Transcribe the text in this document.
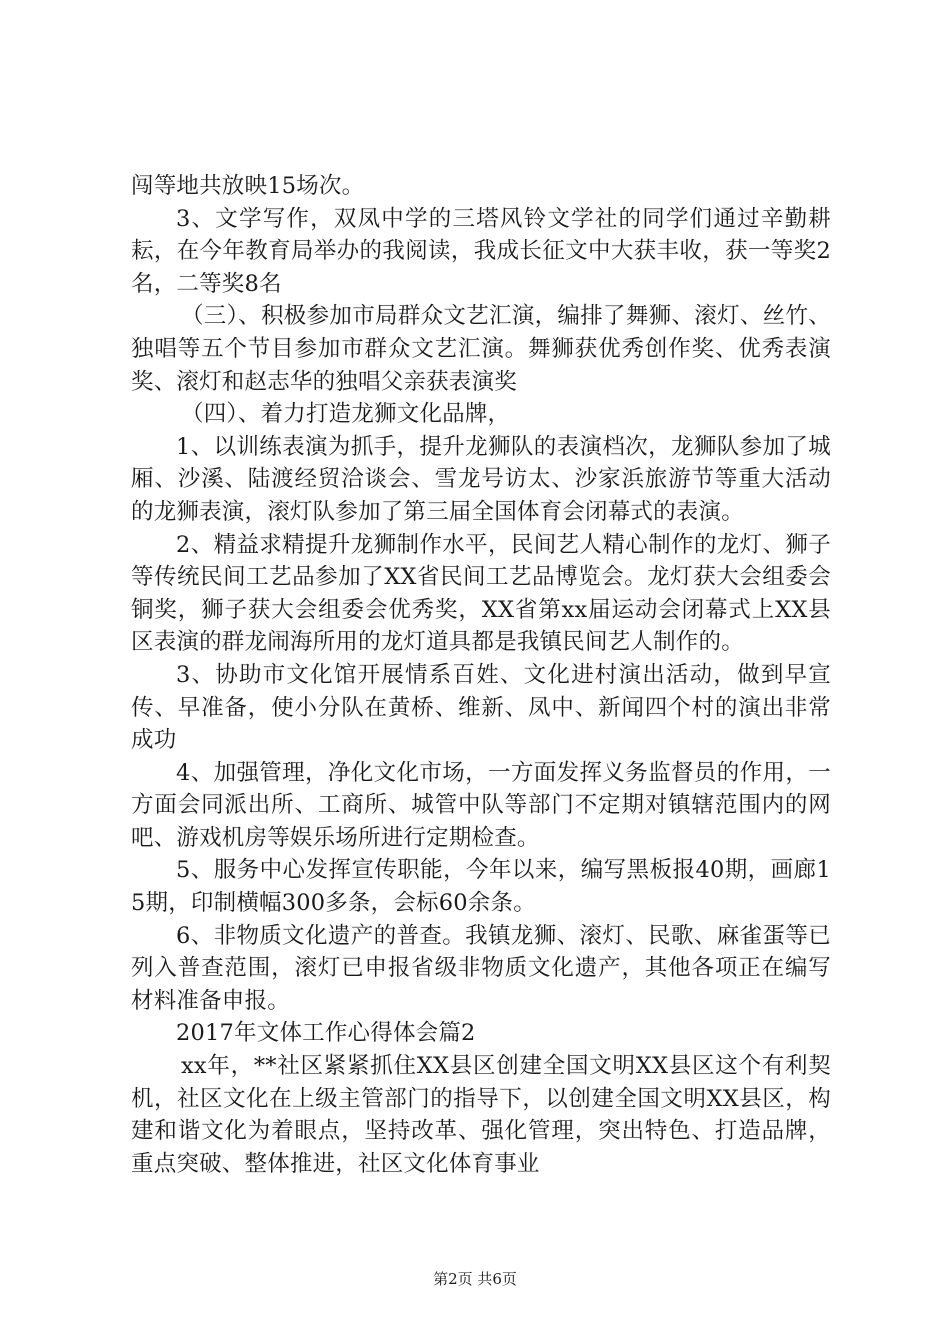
闯等地共放映15场次。

3、文学写作，双凤中学的三塔风铃文学社的同学们通过辛勤耕耘，在今年教育局举办的我阅读，我成长征文中大获丰收，获一等奖2名，二等奖8名

（三）、积极参加市局群众文艺汇演，编排了舞狮、滚灯、丝竹、独唱等五个节目参加市群众文艺汇演。舞狮获优秀创作奖、优秀表演奖、滚灯和赵志华的独唱父亲获表演奖

（四）、着力打造龙狮文化品牌，

1、以训练表演为抓手，提升龙狮队的表演档次，龙狮队参加了城厢、沙溪、陆渡经贸洽谈会、雪龙号访太、沙家浜旅游节等重大活动的龙狮表演，滚灯队参加了第三届全国体育会闭幕式的表演。

2、精益求精提升龙狮制作水平，民间艺人精心制作的龙灯、狮子等传统民间工艺品参加了XX省民间工艺品博览会。龙灯获大会组委会铜奖，狮子获大会组委会优秀奖，XX省第xx届运动会闭幕式上XX县区表演的群龙闹海所用的龙灯道具都是我镇民间艺人制作的。

3、协助市文化馆开展情系百姓、文化进村演出活动，做到早宣传、早准备，使小分队在黄桥、维新、凤中、新闻四个村的演出非常成功

4、加强管理，净化文化市场，一方面发挥义务监督员的作用，一方面会同派出所、工商所、城管中队等部门不定期对镇辖范围内的网吧、游戏机房等娱乐场所进行定期检查。

5、服务中心发挥宣传职能，今年以来，编写黑板报40期，画廊15期，印制横幅300多条，会标60余条。

6、非物质文化遗产的普查。我镇龙狮、滚灯、民歌、麻雀蛋等已列入普查范围，滚灯已申报省级非物质文化遗产，其他各项正在编写材料准备申报。

2017年文体工作心得体会篇2

xx年，**社区紧紧抓住XX县区创建全国文明XX县区这个有利契机，社区文化在上级主管部门的指导下，以创建全国文明XX县区，构建和谐文化为着眼点，坚持改革、强化管理，突出特色、打造品牌，重点突破、整体推进，社区文化体育事业

第2页 共6页
